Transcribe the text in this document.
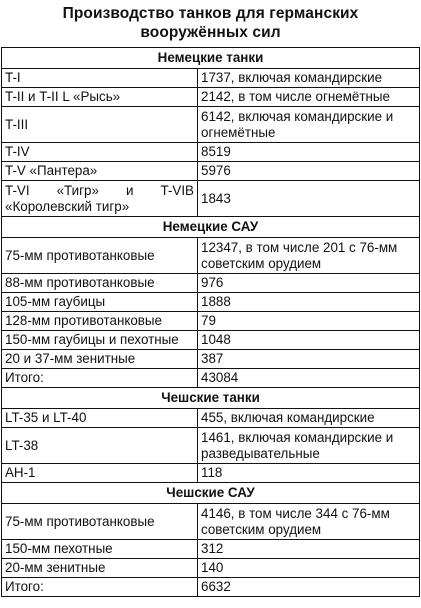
Производство танков для германских
вооружённых сил
Немецкие танки	
T-I	1737, включая командирские
T-II и T-II L «Рысь»	2142, в том числе огнемётные
T-III	6142, включая командирские и огнемётные
T-IV	8519
T-V «Пантера»	5976
T-VI «Тигр» и T-VIB «Королевский тигр»	1843
Немецкие САУ	
75-мм противотанковые	12347, в том числе 201 с 76-мм советским орудием
88-мм противотанковые	976
105-мм гаубицы	1888
128-мм противотанковые	79
150-мм гаубицы и пехотные	1048
20 и 37-мм зенитные	387
Итого:	43084
Чешские танки	
LT-35 и LT-40	455, включая командирские
LT-38	1461, включая командирские и разведывательные
AH-1	118
Чешские САУ	
75-мм противотанковые	4146, в том числе 344 с 76-мм советским орудием
150-мм пехотные	312
20-мм зенитные	140
Итого:	6632
